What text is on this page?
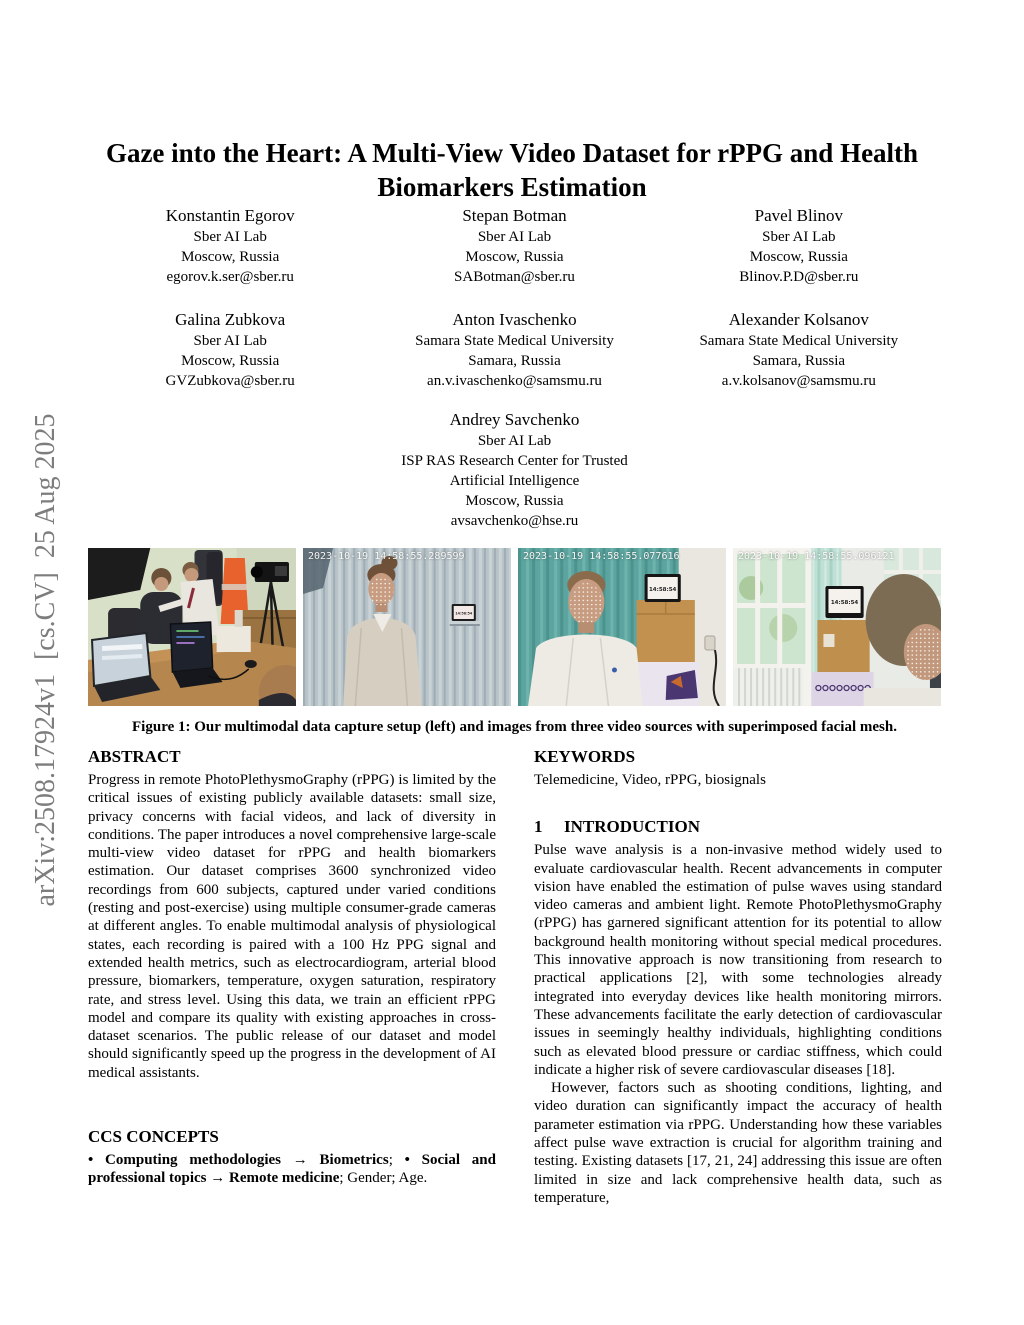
arXiv:2508.17924v1  [cs.CV]  25 Aug 2025
Gaze into the Heart: A Multi-View Video Dataset for rPPG and Health Biomarkers Estimation
Konstantin Egorov
Sber AI Lab
Moscow, Russia
egorov.k.ser@sber.ru
Stepan Botman
Sber AI Lab
Moscow, Russia
SABotman@sber.ru
Pavel Blinov
Sber AI Lab
Moscow, Russia
Blinov.P.D@sber.ru
Galina Zubkova
Sber AI Lab
Moscow, Russia
GVZubkova@sber.ru
Anton Ivaschenko
Samara State Medical University
Samara, Russia
an.v.ivaschenko@samsmu.ru
Alexander Kolsanov
Samara State Medical University
Samara, Russia
a.v.kolsanov@samsmu.ru
Andrey Savchenko
Sber AI Lab
ISP RAS Research Center for Trusted
Artificial Intelligence
Moscow, Russia
avsavchenko@hse.ru
14:58:54
2023-10-19 14:58:55.289599
14:58:54
2023-10-19 14:58:55.077616
14:58:54
2023-10-19 14:58:55.096121
Figure 1: Our multimodal data capture setup (left) and images from three video sources with superimposed facial mesh.
ABSTRACT

Progress in remote PhotoPlethysmoGraphy (rPPG) is limited by the critical issues of existing publicly available datasets: small size, privacy concerns with facial videos, and lack of diversity in conditions. The paper introduces a novel comprehensive large-scale multi-view video dataset for rPPG and health biomarkers estimation. Our dataset comprises 3600 synchronized video recordings from 600 subjects, captured under varied conditions (resting and post-exercise) using multiple consumer-grade cameras at different angles. To enable multimodal analysis of physiological states, each recording is paired with a 100 Hz PPG signal and extended health metrics, such as electrocardiogram, arterial blood pressure, biomarkers, temperature, oxygen saturation, respiratory rate, and stress level. Using this data, we train an efficient rPPG model and compare its quality with existing approaches in cross-dataset scenarios. The public release of our dataset and model should significantly speed up the progress in the development of AI medical assistants.

CCS CONCEPTS

• Computing methodologies → Biometrics; • Social and professional topics → Remote medicine; Gender; Age.

KEYWORDS

Telemedicine, Video, rPPG, biosignals

1 INTRODUCTION

Pulse wave analysis is a non-invasive method widely used to evaluate cardiovascular health. Recent advancements in computer vision have enabled the estimation of pulse waves using standard video cameras and ambient light. Remote PhotoPlethysmoGraphy (rPPG) has garnered significant attention for its potential to allow background health monitoring without special medical procedures. This innovative approach is now transitioning from research to practical applications [2], with some technologies already integrated into everyday devices like health monitoring mirrors. These advancements facilitate the early detection of cardiovascular issues in seemingly healthy individuals, highlighting conditions such as elevated blood pressure or cardiac stiffness, which could indicate a higher risk of severe cardiovascular diseases [18].

However, factors such as shooting conditions, lighting, and video duration can significantly impact the accuracy of health parameter estimation via rPPG. Understanding how these variables affect pulse wave extraction is crucial for algorithm training and testing. Existing datasets [17, 21, 24] addressing this issue are often limited in size and lack comprehensive health data, such as temperature,
